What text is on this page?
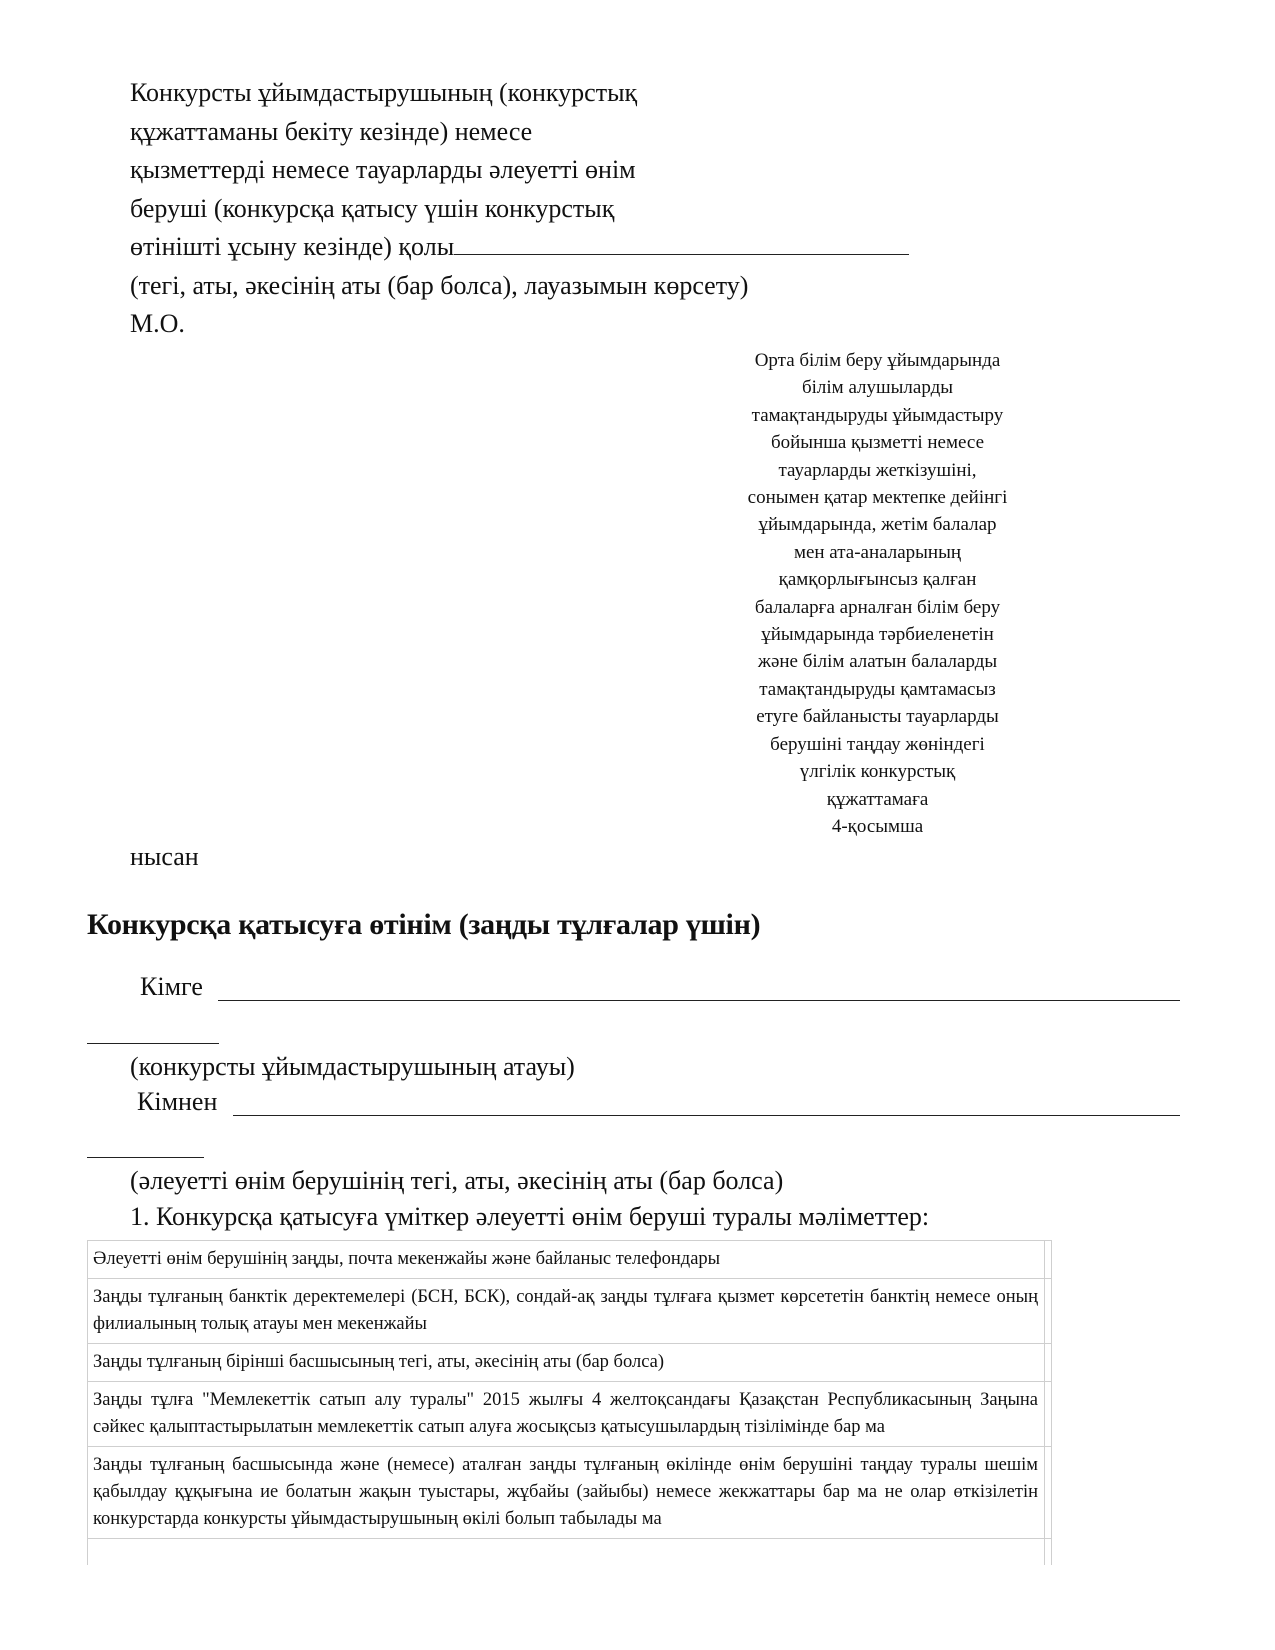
Конкурсты ұйымдастырушының (конкурстық
құжаттаманы бекіту кезінде) немесе
қызметтерді немесе тауарларды әлеуетті өнім
беруші (конкурсқа қатысу үшін конкурстық
өтінішті ұсыну кезінде) қолы
(тегі, аты, әкесінің аты (бар болса), лауазымын көрсету)
М.О.
Орта білім беру ұйымдарында
білім алушыларды
тамақтандыруды ұйымдастыру
бойынша қызметті немесе
тауарларды жеткізушіні,
сонымен қатар мектепке дейінгі
ұйымдарында, жетім балалар
мен ата-аналарының
қамқорлығынсыз қалған
балаларға арналған білім беру
ұйымдарында тәрбиеленетін
және білім алатын балаларды
тамақтандыруды қамтамасыз
етуге байланысты тауарларды
берушіні таңдау жөніндегі
үлгілік конкурстық
құжаттамаға
4-қосымша
нысан
Конкурсқа қатысуға өтінім (заңды тұлғалар үшін)
Кімге
(конкурсты ұйымдастырушының атауы)
Кімнен
(әлеуетті өнім берушінің тегі, аты, әкесінің аты (бар болса)
1. Конкурсқа қатысуға үміткер әлеуетті өнім беруші туралы мәліметтер:
Әлеуетті өнім берушінің заңды, почта мекенжайы және байланыс телефондары	
Заңды тұлғаның банктік деректемелері (БСН, БСК), сондай-ақ заңды тұлғаға қызмет көрсететін банктің немесе оның филиалының толық атауы мен мекенжайы	
Заңды тұлғаның бірінші басшысының тегі, аты, әкесінің аты (бар болса)	
Заңды тұлға "Мемлекеттік сатып алу туралы" 2015 жылғы 4 желтоқсандағы Қазақстан Республикасының Заңына сәйкес қалыптастырылатын мемлекеттік сатып алуға жосықсыз қатысушылардың тізілімінде бар ма	
Заңды тұлғаның басшысында және (немесе) аталған заңды тұлғаның өкілінде өнім берушіні таңдау туралы шешім қабылдау құқығына ие болатын жақын туыстары, жұбайы (зайыбы) немесе жекжаттары бар ма не олар өткізілетін конкурстарда конкурсты ұйымдастырушының өкілі болып табылады ма	
